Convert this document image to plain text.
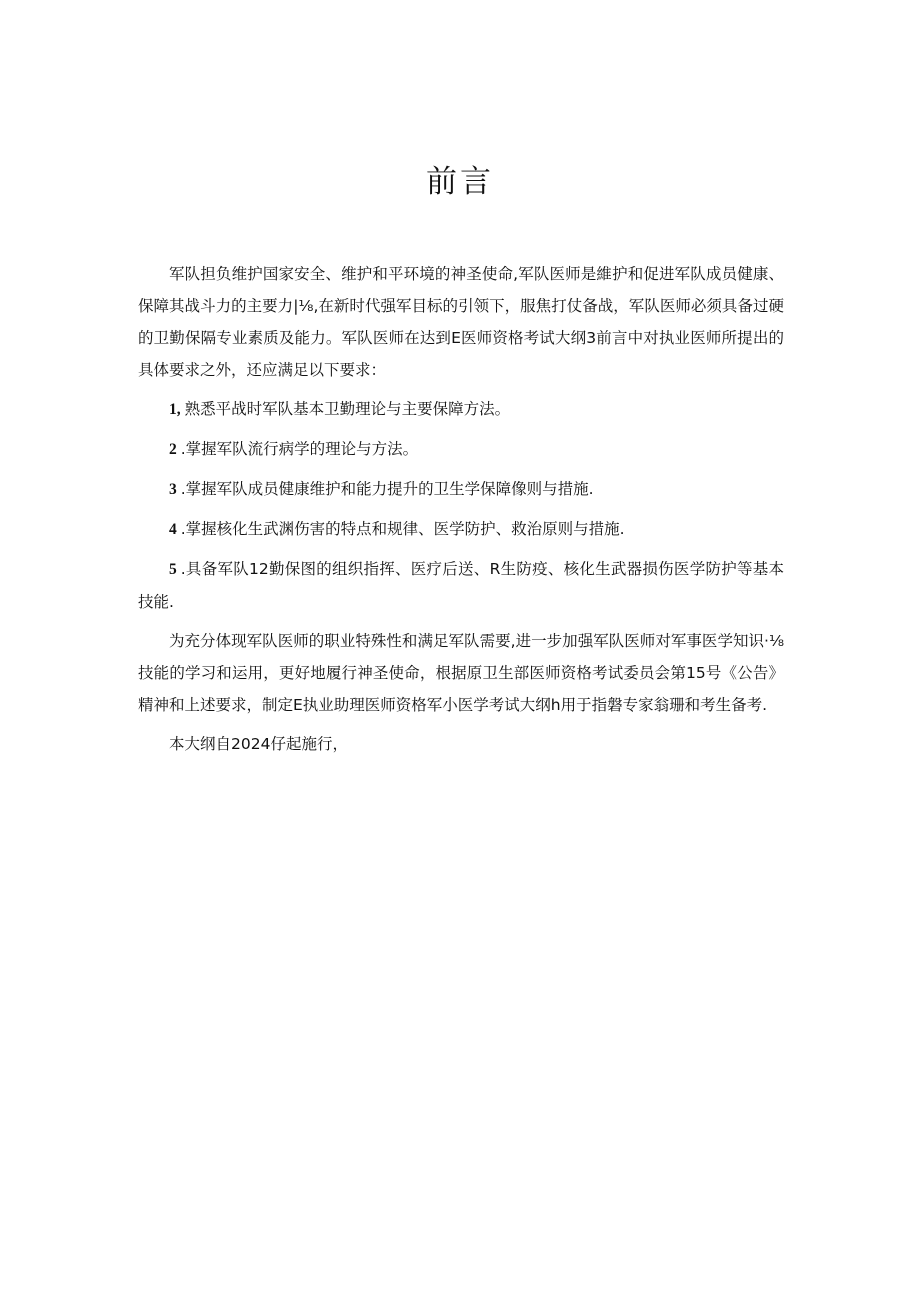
前言

军队担负维护国家安全、维护和平环境的神圣使命,军队医师是維护和促进军队成员健康、保障其战斗力的主要力|⅛,在新时代强军目标的引领下，服焦打仗备战，军队医师必须具备过硬的卫勤保隔专业素质及能力。军队医师在达到E医师资格考试大纲3前言中对执业医师所提出的具体要求之外，还应满足以下要求：

1, 熟悉平战时军队基本卫勤理论与主要保障方法。
2 .掌握军队流行病学的理论与方法。
3 .掌握军队成员健康维护和能力提升的卫生学保障像则与措施.
4 .掌握核化生武渊伤害的特点和规律、医学防护、救治原则与措施.
5 .具备军队12勤保图的组织指挥、医疗后送、R生防疫、核化生武器损伤医学防护等基本技能.

为充分体现军队医师的职业特殊性和满足军队需要,进一步加强军队医师对军事医学知识·⅛技能的学习和运用，更好地履行神圣使命，根据原卫生部医师资格考试委员会第15号《公告》精神和上述要求，制定E执业助理医师资格军小医学考试大纲h用于指磐专家翁珊和考生备考.

本大纲自2024仔起施行，
